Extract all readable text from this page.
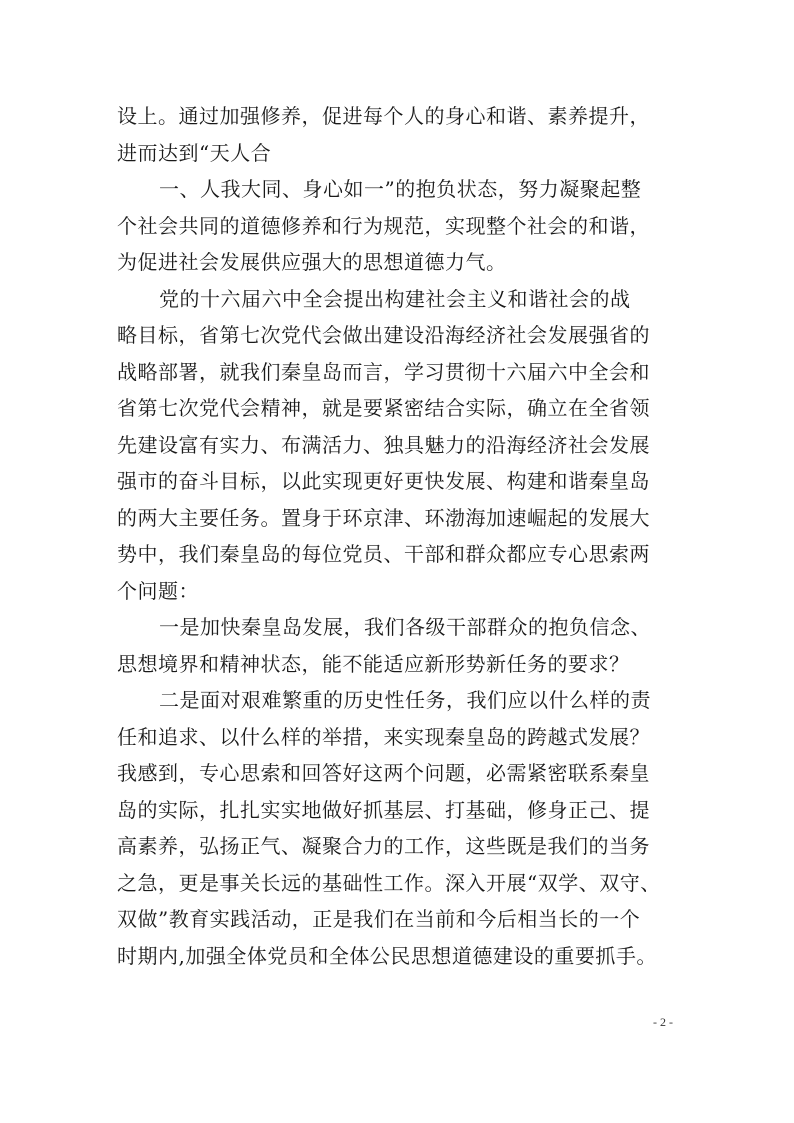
设上。通过加强修养，促进每个人的身心和谐、素养提升，
进而达到“天人合

一、人我大同、身心如一”的抱负状态，努力凝聚起整
个社会共同的道德修养和行为规范，实现整个社会的和谐，
为促进社会发展供应强大的思想道德力气。

党的十六届六中全会提出构建社会主义和谐社会的战
略目标，省第七次党代会做出建设沿海经济社会发展强省的
战略部署，就我们秦皇岛而言，学习贯彻十六届六中全会和
省第七次党代会精神，就是要紧密结合实际，确立在全省领
先建设富有实力、布满活力、独具魅力的沿海经济社会发展
强市的奋斗目标，以此实现更好更快发展、构建和谐秦皇岛
的两大主要任务。置身于环京津、环渤海加速崛起的发展大
势中，我们秦皇岛的每位党员、干部和群众都应专心思索两
个问题：

一是加快秦皇岛发展，我们各级干部群众的抱负信念、
思想境界和精神状态，能不能适应新形势新任务的要求？

二是面对艰难繁重的历史性任务，我们应以什么样的责
任和追求、以什么样的举措，来实现秦皇岛的跨越式发展？
我感到，专心思索和回答好这两个问题，必需紧密联系秦皇
岛的实际，扎扎实实地做好抓基层、打基础，修身正己、提
高素养，弘扬正气、凝聚合力的工作，这些既是我们的当务
之急，更是事关长远的基础性工作。深入开展“双学、双守、
双做”教育实践活动，正是我们在当前和今后相当长的一个
时期内,加强全体党员和全体公民思想道德建设的重要抓手。

- 2 -
